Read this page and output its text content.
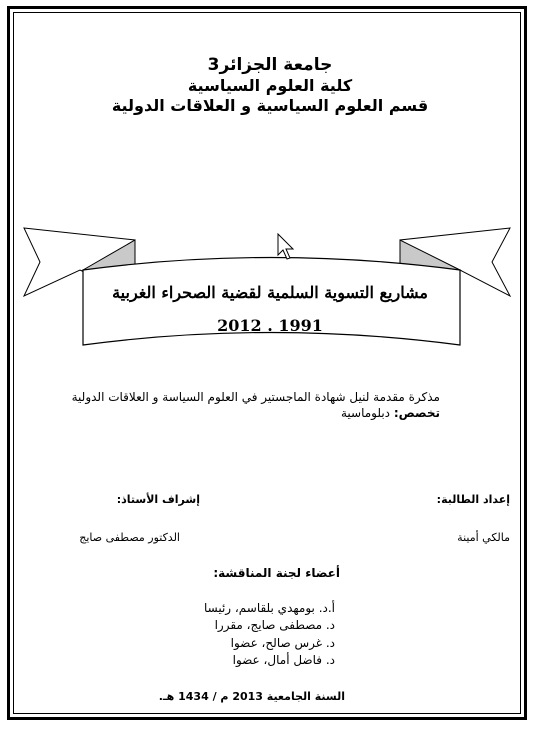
جامعة الجزائر3
كلية العلوم السياسية
قسم العلوم السياسية و العلاقات الدولية
مشاريع التسوية السلمية لقضية الصحراء الغربية
1991 . 2012
مذكرة مقدمة لنيل شهادة الماجستير في العلوم السياسة و العلاقات الدولية
تخصص: دبلوماسية
إعداد الطالبة:
إشراف الأستاذ:
مالكي أمينة
الدكتور مصطفى صايج
أعضاء لجنة المناقشة:
أ.د. بومهدي بلقاسم، رئيسا
د. مصطفى صايج، مقررا
د. غرس صالح، عضوا
د. فاضل أمال، عضوا
السنة الجامعية 2013 م / 1434 هـ.
